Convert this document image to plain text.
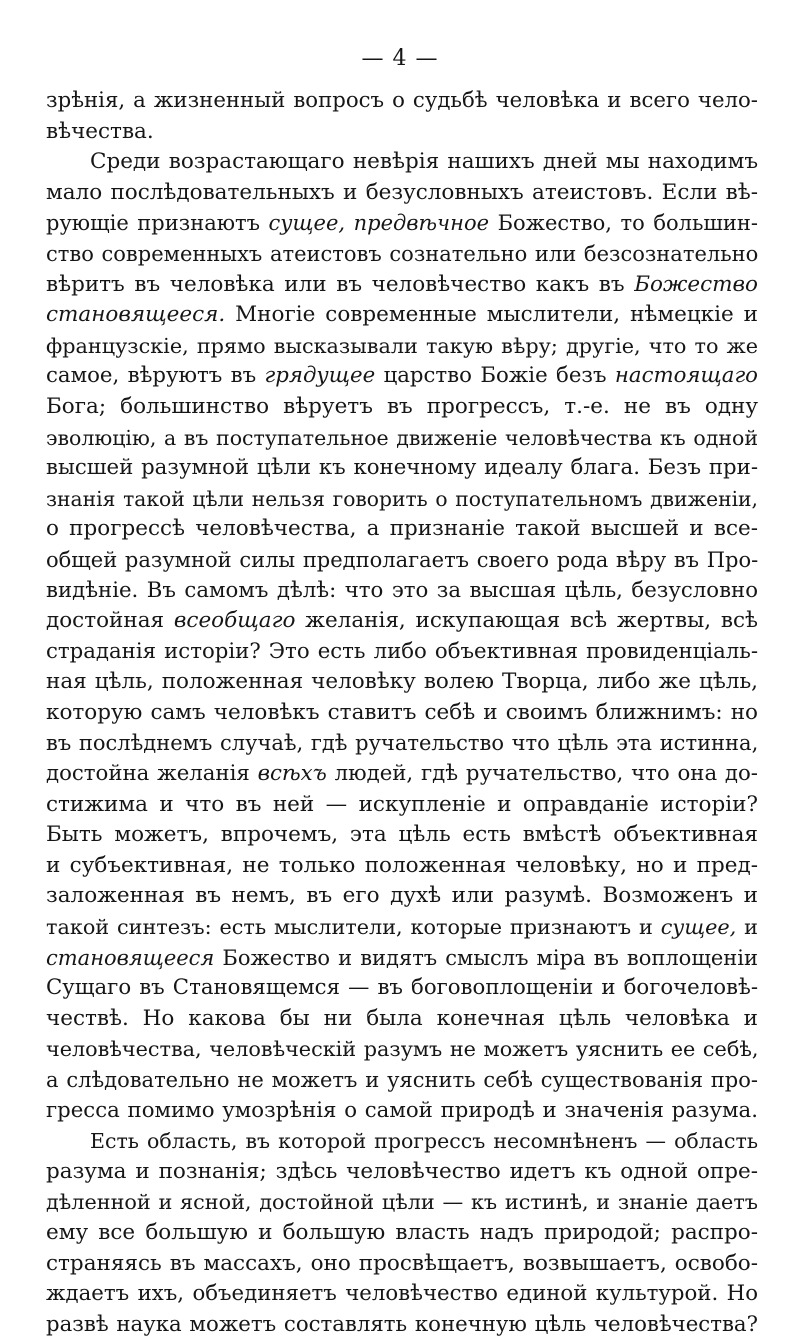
— 4 —
зрѣнія, а жизненный вопросъ о судьбѣ человѣка и всего чело-
вѣчества.
Среди возрастающаго невѣрія нашихъ дней мы находимъ
мало послѣдовательныхъ и безусловныхъ атеистовъ. Если вѣ-
рующіе признаютъ сущее, предвѣчное Божество, то большин-
ство современныхъ атеистовъ сознательно или безсознательно
вѣритъ въ человѣка или въ человѣчество какъ въ Божество
становящееся. Многіе современные мыслители, нѣмецкіе и
французскіе, прямо высказывали такую вѣру; другіе, что то же
самое, вѣруютъ въ грядущее царство Божіе безъ настоящаго
Бога; большинство вѣруетъ въ прогрессъ, т.-е. не въ одну
эволюцію, а въ поступательное движеніе человѣчества къ одной
высшей разумной цѣли къ конечному идеалу блага. Безъ при-
знанія такой цѣли нельзя говорить о поступательномъ движеніи,
о прогрессѣ человѣчества, а признаніе такой высшей и все-
общей разумной силы предполагаетъ своего рода вѣру въ Про-
видѣніе. Въ самомъ дѣлѣ: что это за высшая цѣль, безусловно
достойная всеобщаго желанія, искупающая всѣ жертвы, всѣ
страданія исторіи? Это есть либо объективная провиденціаль-
ная цѣль, положенная человѣку волею Творца, либо же цѣль,
которую самъ человѣкъ ставитъ себѣ и своимъ ближнимъ: но
въ послѣднемъ случаѣ, гдѣ ручательство что цѣль эта истинна,
достойна желанія всѣхъ людей, гдѣ ручательство, что она до-
стижима и что въ ней — искупленіе и оправданіе исторіи?
Быть можетъ, впрочемъ, эта цѣль есть вмѣстѣ объективная
и субъективная, не только положенная человѣку, но и пред-
заложенная въ немъ, въ его духѣ или разумѣ. Возможенъ и
такой синтезъ: есть мыслители, которые признаютъ и сущее, и
становящееся Божество и видятъ смыслъ міра въ воплощеніи
Сущаго въ Становящемся — въ боговоплощеніи и богочеловѣ-
чествѣ. Но какова бы ни была конечная цѣль человѣка и
человѣчества, человѣческій разумъ не можетъ уяснить ее себѣ,
а слѣдовательно не можетъ и уяснить себѣ существованія про-
гресса помимо умозрѣнія о самой природѣ и значенія разума.
Есть область, въ которой прогрессъ несомнѣненъ — область
разума и познанія; здѣсь человѣчество идетъ къ одной опре-
дѣленной и ясной, достойной цѣли — къ истинѣ, и знаніе даетъ
ему все большую и большую власть надъ природой; распро-
страняясь въ массахъ, оно просвѣщаетъ, возвышаетъ, освобо-
ждаетъ ихъ, объединяетъ человѣчество единой культурой. Но
развѣ наука можетъ составлять конечную цѣль человѣчества?
